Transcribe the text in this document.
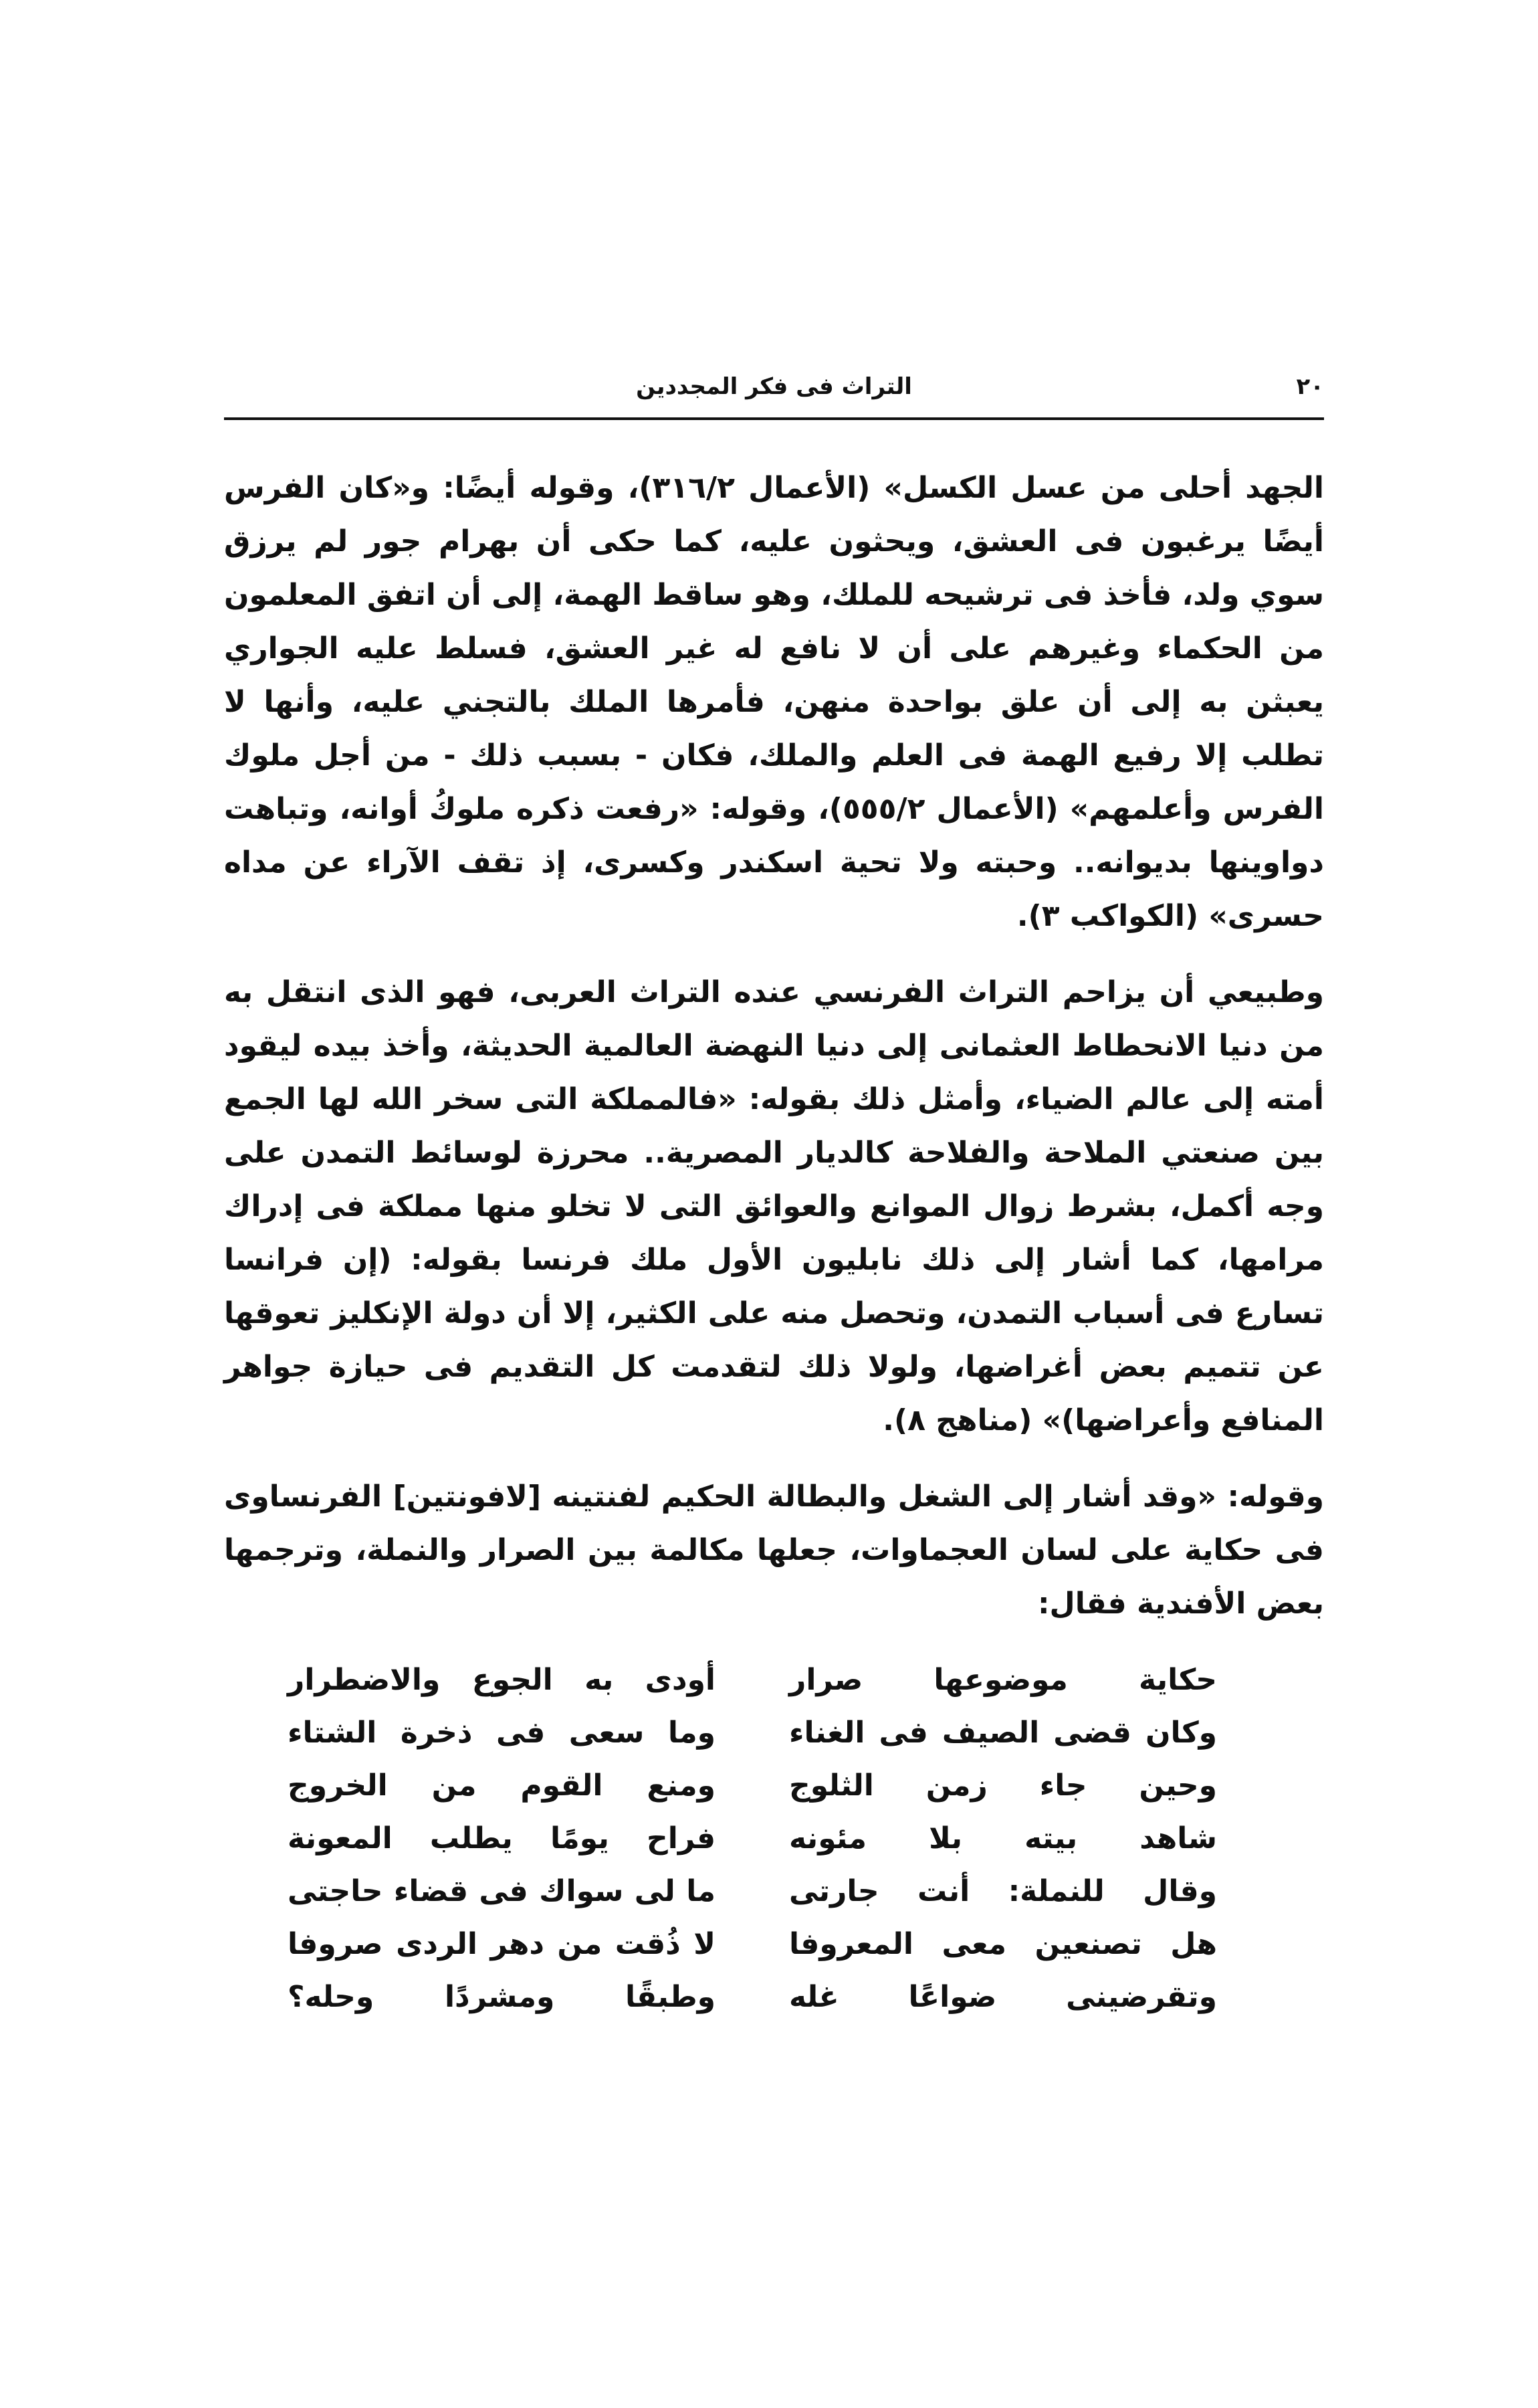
٢٠
التراث فى فكر المجددين

الجهد أحلى من عسل الكسل» (الأعمال ٣١٦/٢)، وقوله أيضًا: و«كان الفرس أيضًا يرغبون فى العشق، ويحثون عليه، كما حكى أن بهرام جور لم يرزق سوي ولد، فأخذ فى ترشيحه للملك، وهو ساقط الهمة، إلى أن اتفق المعلمون من الحكماء وغيرهم على أن لا نافع له غير العشق، فسلط عليه الجواري يعبثن به إلى أن علق بواحدة منهن، فأمرها الملك بالتجني عليه، وأنها لا تطلب إلا رفيع الهمة فى العلم والملك، فكان - بسبب ذلك - من أجل ملوك الفرس وأعلمهم» (الأعمال ٥٥٥/٢)، وقوله: «رفعت ذكره ملوكُ أوانه، وتباهت دواوينها بديوانه.. وحبته ولا تحية اسكندر وكسرى، إذ تقف الآراء عن مداه حسرى» (الكواكب ٣).

وطبيعي أن يزاحم التراث الفرنسي عنده التراث العربى، فهو الذى انتقل به من دنيا الانحطاط العثمانى إلى دنيا النهضة العالمية الحديثة، وأخذ بيده ليقود أمته إلى عالم الضياء، وأمثل ذلك بقوله: «فالمملكة التى سخر الله لها الجمع بين صنعتي الملاحة والفلاحة كالديار المصرية.. محرزة لوسائط التمدن على وجه أكمل، بشرط زوال الموانع والعوائق التى لا تخلو منها مملكة فى إدراك مرامها، كما أشار إلى ذلك نابليون الأول ملك فرنسا بقوله: (إن فرانسا تسارع فى أسباب التمدن، وتحصل منه على الكثير، إلا أن دولة الإنكليز تعوقها عن تتميم بعض أغراضها، ولولا ذلك لتقدمت كل التقديم فى حيازة جواهر المنافع وأعراضها)» (مناهج ٨).

وقوله: «وقد أشار إلى الشغل والبطالة الحكيم لفنتينه [لافونتين] الفرنساوى فى حكاية على لسان العجماوات، جعلها مكالمة بين الصرار والنملة، وترجمها بعض الأفندية فقال:

حكاية موضوعها صرار
أودى به الجوع والاضطرار
وكان قضى الصيف فى الغناء
وما سعى فى ذخرة الشتاء
وحين جاء زمن الثلوج
ومنع القوم من الخروج
شاهد بيته بلا مئونه
فراح يومًا يطلب المعونة
وقال للنملة: أنت جارتى
ما لى سواك فى قضاء حاجتى
هل تصنعين معى المعروفا
لا ذُقت من دهر الردى صروفا
وتقرضينى ضواعًا غله
وطبقًا ومشردًا وحله؟
